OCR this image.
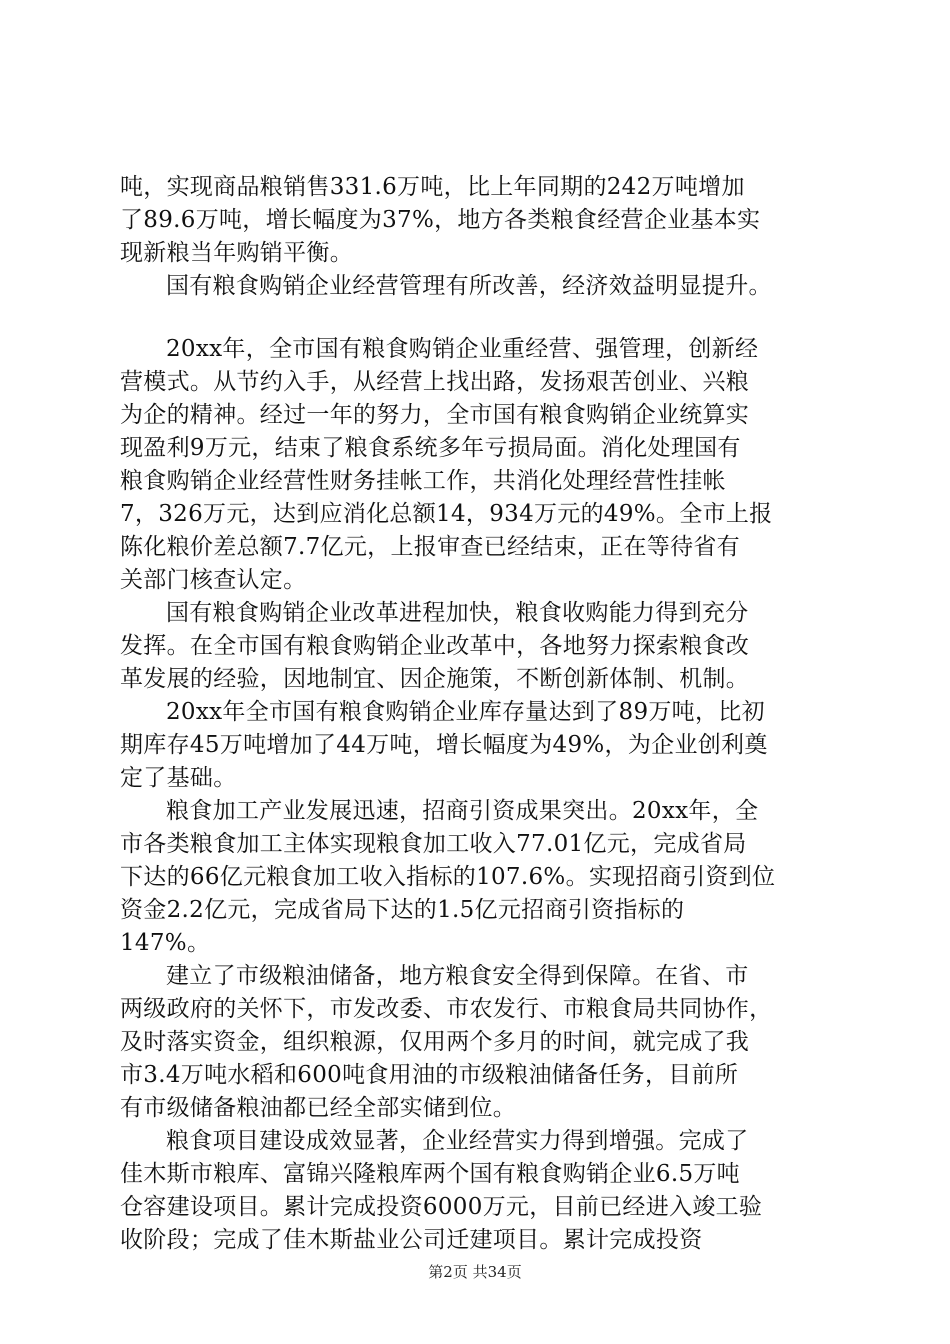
吨，实现商品粮销售331.6万吨，比上年同期的242万吨增加
了89.6万吨，增长幅度为37%，地方各类粮食经营企业基本实
现新粮当年购销平衡。
国有粮食购销企业经营管理有所改善，经济效益明显提升。
20xx年，全市国有粮食购销企业重经营、强管理，创新经
营模式。从节约入手，从经营上找出路，发扬艰苦创业、兴粮
为企的精神。经过一年的努力，全市国有粮食购销企业统算实
现盈利9万元，结束了粮食系统多年亏损局面。消化处理国有
粮食购销企业经营性财务挂帐工作，共消化处理经营性挂帐
7，326万元，达到应消化总额14，934万元的49%。全市上报
陈化粮价差总额7.7亿元，上报审查已经结束，正在等待省有
关部门核查认定。
国有粮食购销企业改革进程加快，粮食收购能力得到充分
发挥。在全市国有粮食购销企业改革中，各地努力探索粮食改
革发展的经验，因地制宜、因企施策，不断创新体制、机制。
20xx年全市国有粮食购销企业库存量达到了89万吨，比初
期库存45万吨增加了44万吨，增长幅度为49%，为企业创利奠
定了基础。
粮食加工产业发展迅速，招商引资成果突出。20xx年，全
市各类粮食加工主体实现粮食加工收入77.01亿元，完成省局
下达的66亿元粮食加工收入指标的107.6%。实现招商引资到位
资金2.2亿元，完成省局下达的1.5亿元招商引资指标的
147%。
建立了市级粮油储备，地方粮食安全得到保障。在省、市
两级政府的关怀下，市发改委、市农发行、市粮食局共同协作，
及时落实资金，组织粮源，仅用两个多月的时间，就完成了我
市3.4万吨水稻和600吨食用油的市级粮油储备任务，目前所
有市级储备粮油都已经全部实储到位。
粮食项目建设成效显著，企业经营实力得到增强。完成了
佳木斯市粮库、富锦兴隆粮库两个国有粮食购销企业6.5万吨
仓容建设项目。累计完成投资6000万元，目前已经进入竣工验
收阶段；完成了佳木斯盐业公司迁建项目。累计完成投资
第2页 共34页
